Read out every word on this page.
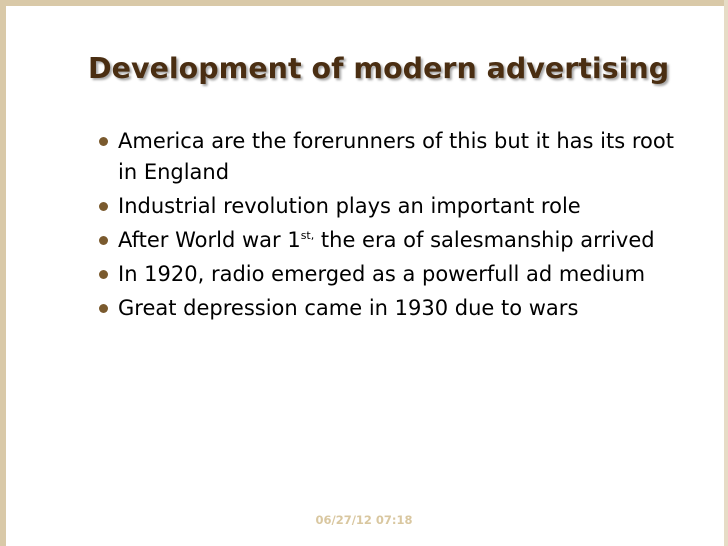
Development of modern advertising
America are the forerunners of this but it has its root in England
Industrial revolution plays an important role
After World war $1^{st,}$ the era of salesmanship arrived
In 1920, radio emerged as a powerfull ad medium
Great depression came in 1930 due to wars
06/27/12 07:18
